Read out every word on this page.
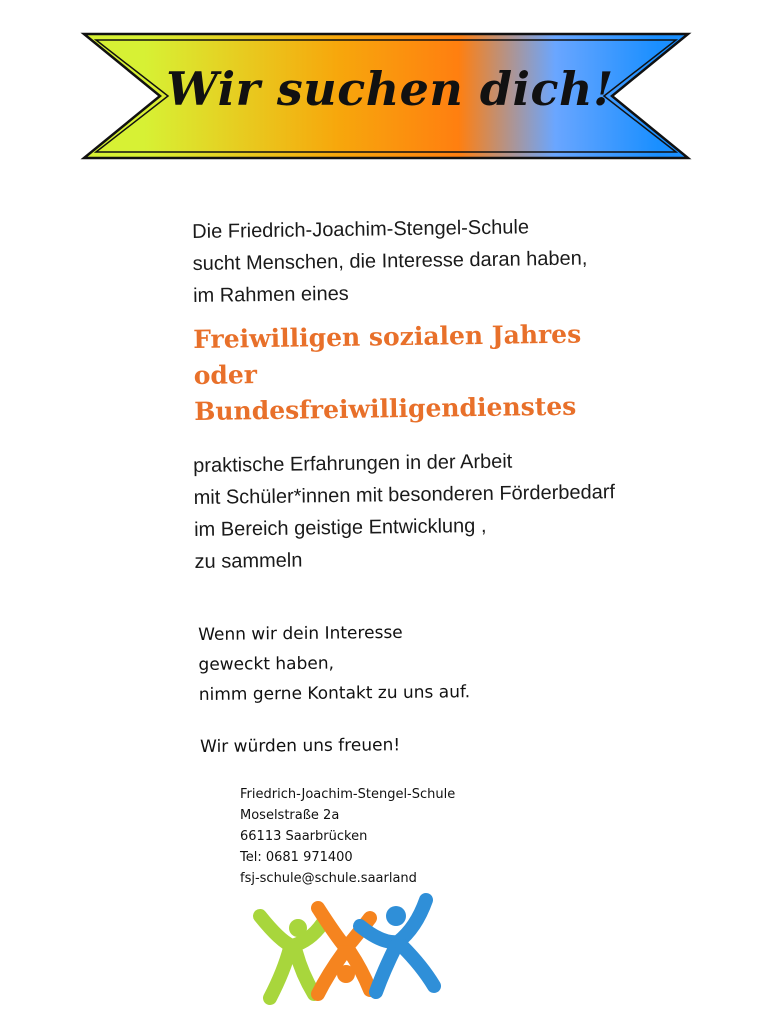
Wir suchen dich!
Die Friedrich-Joachim-Stengel-Schule
sucht Menschen, die Interesse daran haben,
im Rahmen eines
Freiwilligen sozialen Jahres
oder
Bundesfreiwilligendienstes
praktische Erfahrungen in der Arbeit
mit Schüler*innen mit besonderen Förderbedarf
im Bereich geistige Entwicklung ,
zu sammeln
Wenn wir dein Interesse
geweckt haben,
nimm gerne Kontakt zu uns auf.
Wir würden uns freuen!
Friedrich-Joachim-Stengel-Schule
Moselstraße 2a
66113 Saarbrücken
Tel: 0681 971400
fsj-schule@schule.saarland
